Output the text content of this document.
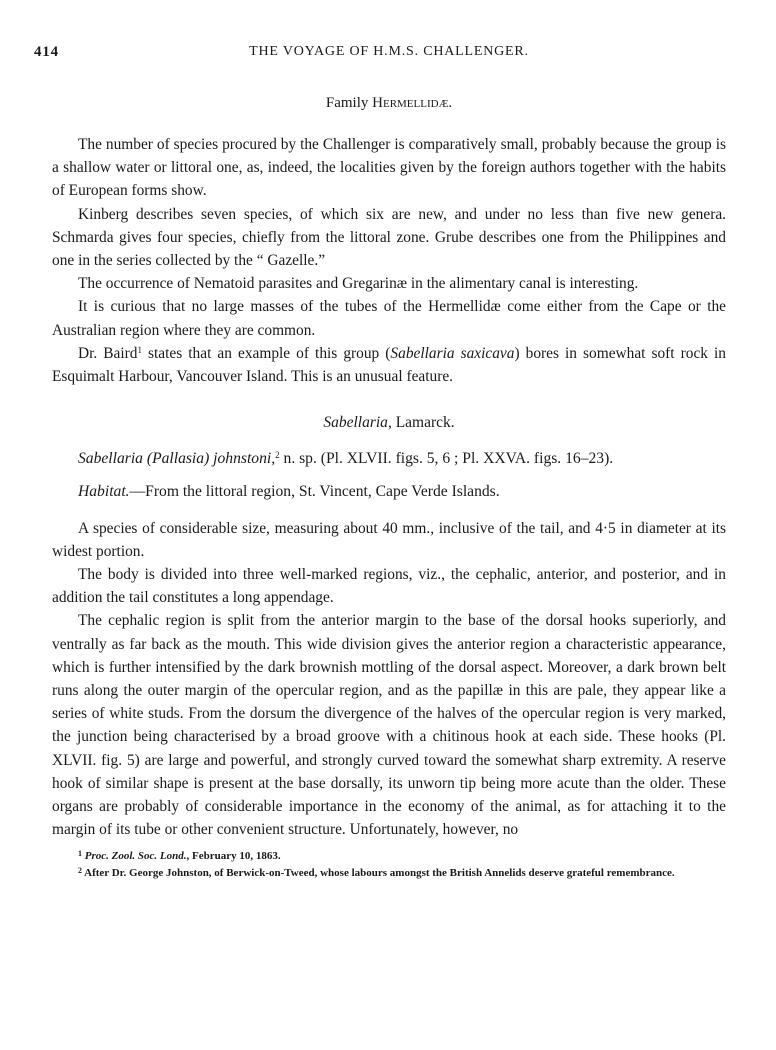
414	THE VOYAGE OF H.M.S. CHALLENGER.
Family Hermellidæ.

The number of species procured by the Challenger is comparatively small, probably because the group is a shallow water or littoral one, as, indeed, the localities given by the foreign authors together with the habits of European forms show.

Kinberg describes seven species, of which six are new, and under no less than five new genera. Schmarda gives four species, chiefly from the littoral zone. Grube describes one from the Philippines and one in the series collected by the “ Gazelle.”

The occurrence of Nematoid parasites and Gregarinæ in the alimentary canal is interesting.

It is curious that no large masses of the tubes of the Hermellidæ come either from the Cape or the Australian region where they are common.

Dr. Baird$^1$ states that an example of this group (Sabellaria saxicava) bores in somewhat soft rock in Esquimalt Harbour, Vancouver Island. This is an unusual feature.

Sabellaria, Lamarck.
Sabellaria (Pallasia) johnstoni,$^2$ n. sp. (Pl. XLVII. figs. 5, 6 ; Pl. XXVA. figs. 16–23).
Habitat.—From the littoral region, St. Vincent, Cape Verde Islands.

A species of considerable size, measuring about 40 mm., inclusive of the tail, and 4·5 in diameter at its widest portion.

The body is divided into three well-marked regions, viz., the cephalic, anterior, and posterior, and in addition the tail constitutes a long appendage.

The cephalic region is split from the anterior margin to the base of the dorsal hooks superiorly, and ventrally as far back as the mouth. This wide division gives the anterior region a characteristic appearance, which is further intensified by the dark brownish mottling of the dorsal aspect. Moreover, a dark brown belt runs along the outer margin of the opercular region, and as the papillæ in this are pale, they appear like a series of white studs. From the dorsum the divergence of the halves of the opercular region is very marked, the junction being characterised by a broad groove with a chitinous hook at each side. These hooks (Pl. XLVII. fig. 5) are large and powerful, and strongly curved toward the somewhat sharp extremity. A reserve hook of similar shape is present at the base dorsally, its unworn tip being more acute than the older. These organs are probably of considerable importance in the economy of the animal, as for attaching it to the margin of its tube or other convenient structure. Unfortunately, however, no

$^1$ Proc. Zool. Soc. Lond., February 10, 1863.
$^2$ After Dr. George Johnston, of Berwick-on-Tweed, whose labours amongst the British Annelids deserve grateful remembrance.
